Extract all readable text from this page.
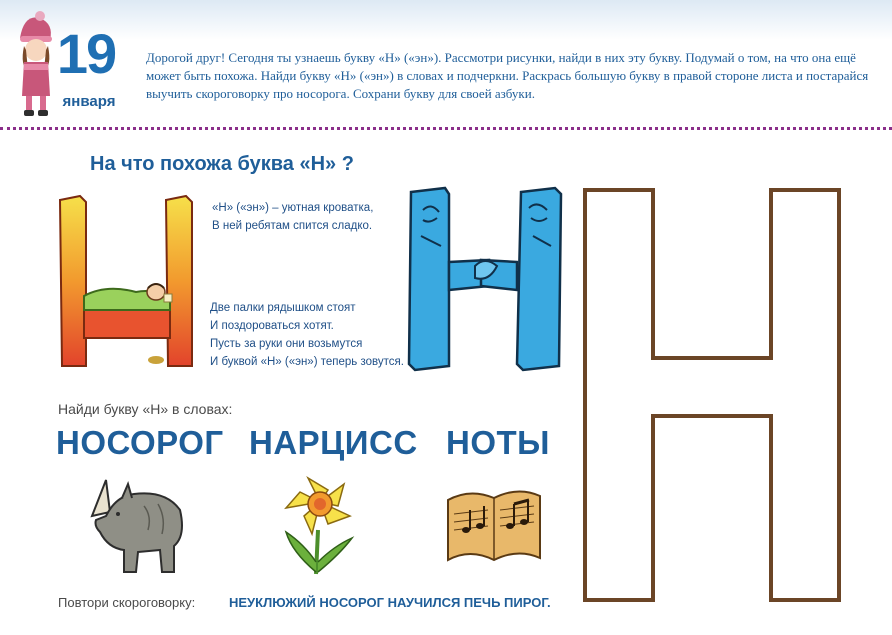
19
января
Дорогой друг! Сегодня ты узнаешь букву «Н» («эн»). Рассмотри рисунки, найди в них эту букву. Подумай о том, на что она ещё может быть похожа. Найди букву «Н» («эн») в словах и подчеркни. Раскрась большую букву в правой стороне листа и постарайся выучить скороговорку про носорога. Сохрани букву для своей азбуки.
На что похожа буква «Н» ?
«Н» («эн») – уютная кроватка,
В ней ребятам спится сладко.
Две палки рядышком стоят
И поздороваться хотят.
Пусть за руки они возьмутся
И буквой «Н» («эн») теперь зовутся.
Найди букву «Н» в словах:
НОСОРОГ НАРЦИСС НОТЫ
Повтори скороговорку:	НЕУКЛЮЖИЙ НОСОРОГ НАУЧИЛСЯ ПЕЧЬ ПИРОГ.
